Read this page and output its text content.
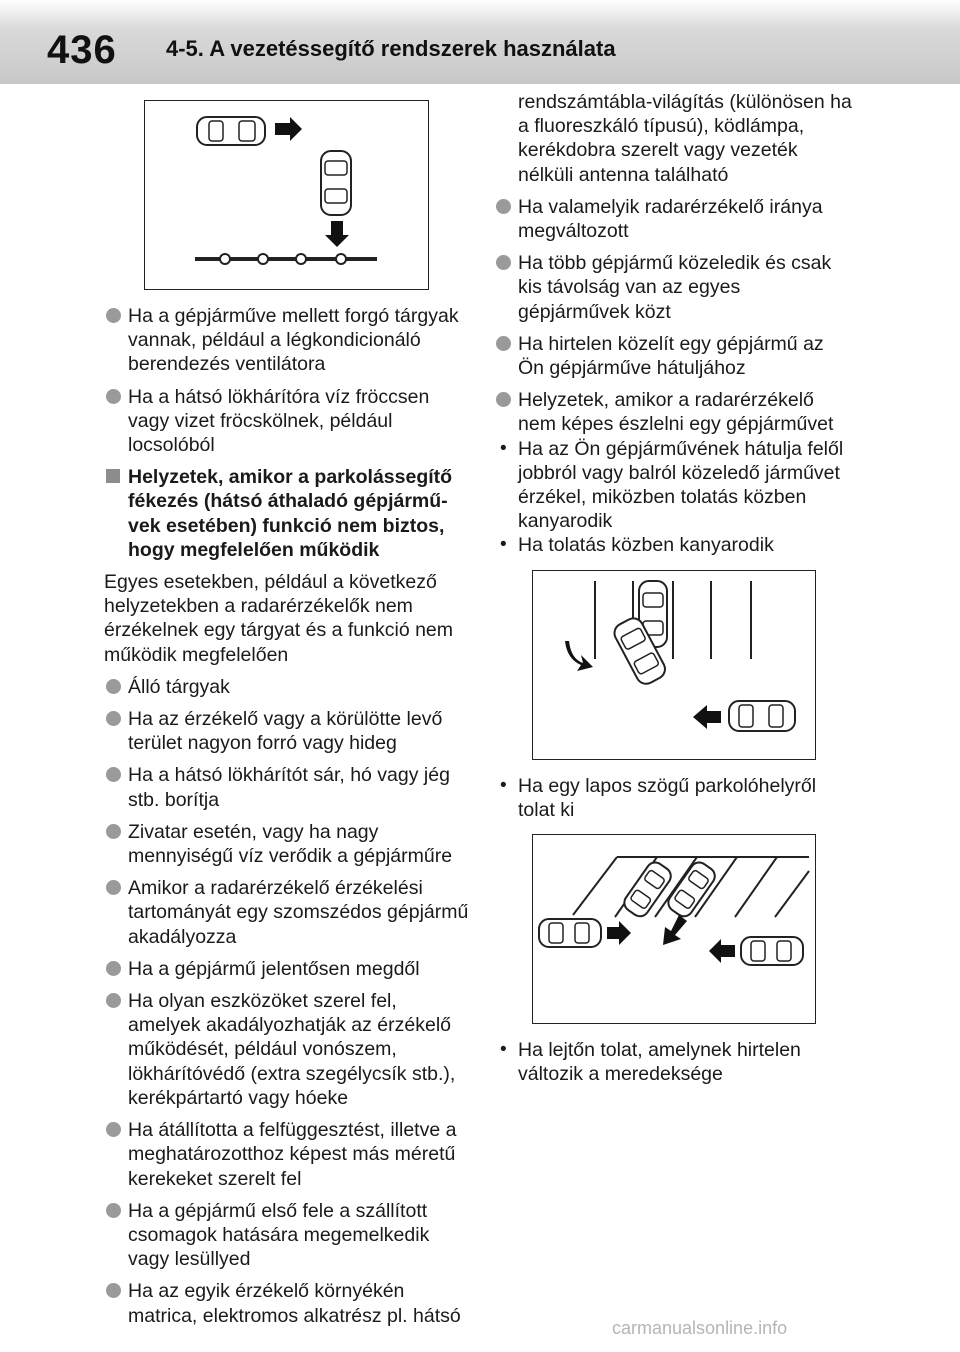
436 4-5. A vezetéssegítő rendszerek használata
Ha a gépjárműve mellett forgó tárgyak vannak, például a légkondicionáló berendezés ventilátora
Ha a hátsó lökhárítóra víz fröccsen vagy vizet fröcskölnek, például locsolóból
Helyzetek, amikor a parkolássegítő fékezés (hátsó áthaladó gépjármű-vek esetében) funkció nem biztos, hogy megfelelően működik
Egyes esetekben, például a következő helyzetekben a radarérzékelők nem érzékelnek egy tárgyat és a funkció nem működik megfelelően
Álló tárgyak
Ha az érzékelő vagy a körülötte levő terület nagyon forró vagy hideg
Ha a hátsó lökhárítót sár, hó vagy jég stb. borítja
Zivatar esetén, vagy ha nagy mennyiségű víz verődik a gépjárműre
Amikor a radarérzékelő érzékelési tartományát egy szomszédos gépjármű akadályozza
Ha a gépjármű jelentősen megdől
Ha olyan eszközöket szerel fel, amelyek akadályozhatják az érzékelő működését, például vonószem, lökhárítóvédő (extra szegélycsík stb.), kerékpártartó vagy hóeke
Ha átállította a felfüggesztést, illetve a meghatározotthoz képest más méretű kerekeket szerelt fel
Ha a gépjármű első fele a szállított csomagok hatására megemelkedik vagy lesüllyed
Ha az egyik érzékelő környékén matrica, elektromos alkatrész pl. hátsó
rendszámtábla-világítás (különösen ha a fluoreszkáló típusú), ködlámpa, kerékdobra szerelt vagy vezeték nélküli antenna található
Ha valamelyik radarérzékelő iránya megváltozott
Ha több gépjármű közeledik és csak kis távolság van az egyes gépjárművek közt
Ha hirtelen közelít egy gépjármű az Ön gépjárműve hátuljához
Helyzetek, amikor a radarérzékelő nem képes észlelni egy gépjárművet
• Ha az Ön gépjárművének hátulja felől jobbról vagy balról közeledő járművet érzékel, miközben tolatás közben kanyarodik
• Ha tolatás közben kanyarodik
• Ha egy lapos szögű parkolóhelyről tolat ki
• Ha lejtőn tolat, amelynek hirtelen változik a meredeksége
carmanualsonline.info
